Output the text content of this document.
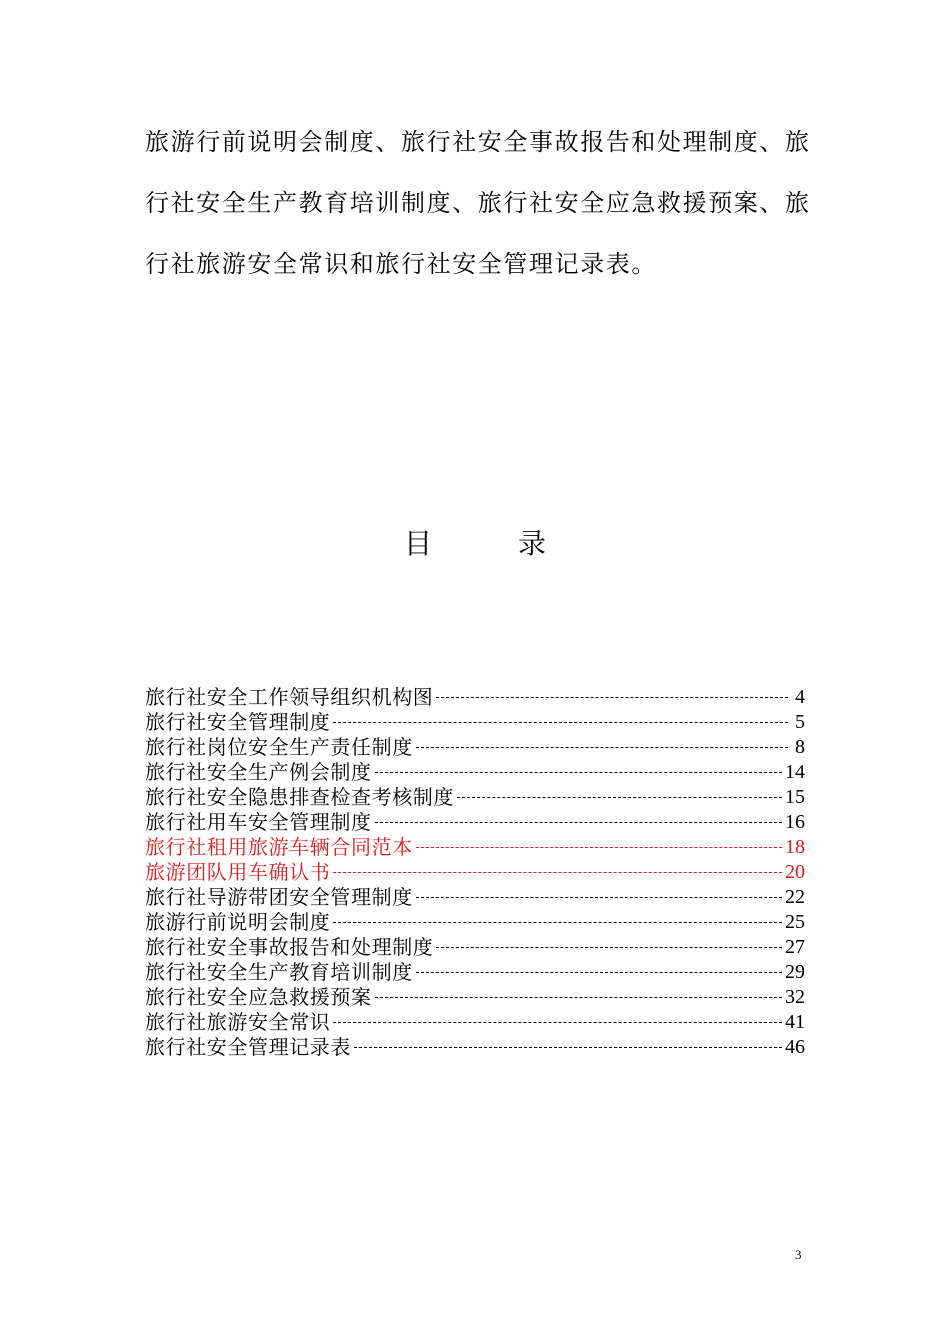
旅游行前说明会制度、旅行社安全事故报告和处理制度、旅
行社安全生产教育培训制度、旅行社安全应急救援预案、旅
行社旅游安全常识和旅行社安全管理记录表。
目	录
旅行社安全工作领导组织机构图	4
旅行社安全管理制度	5
旅行社岗位安全生产责任制度	8
旅行社安全生产例会制度	14
旅行社安全隐患排查检查考核制度	15
旅行社用车安全管理制度	16
旅行社租用旅游车辆合同范本	18
旅游团队用车确认书	20
旅行社导游带团安全管理制度	22
旅游行前说明会制度	25
旅行社安全事故报告和处理制度	27
旅行社安全生产教育培训制度	29
旅行社安全应急救援预案	32
旅行社旅游安全常识	41
旅行社安全管理记录表	46
3
